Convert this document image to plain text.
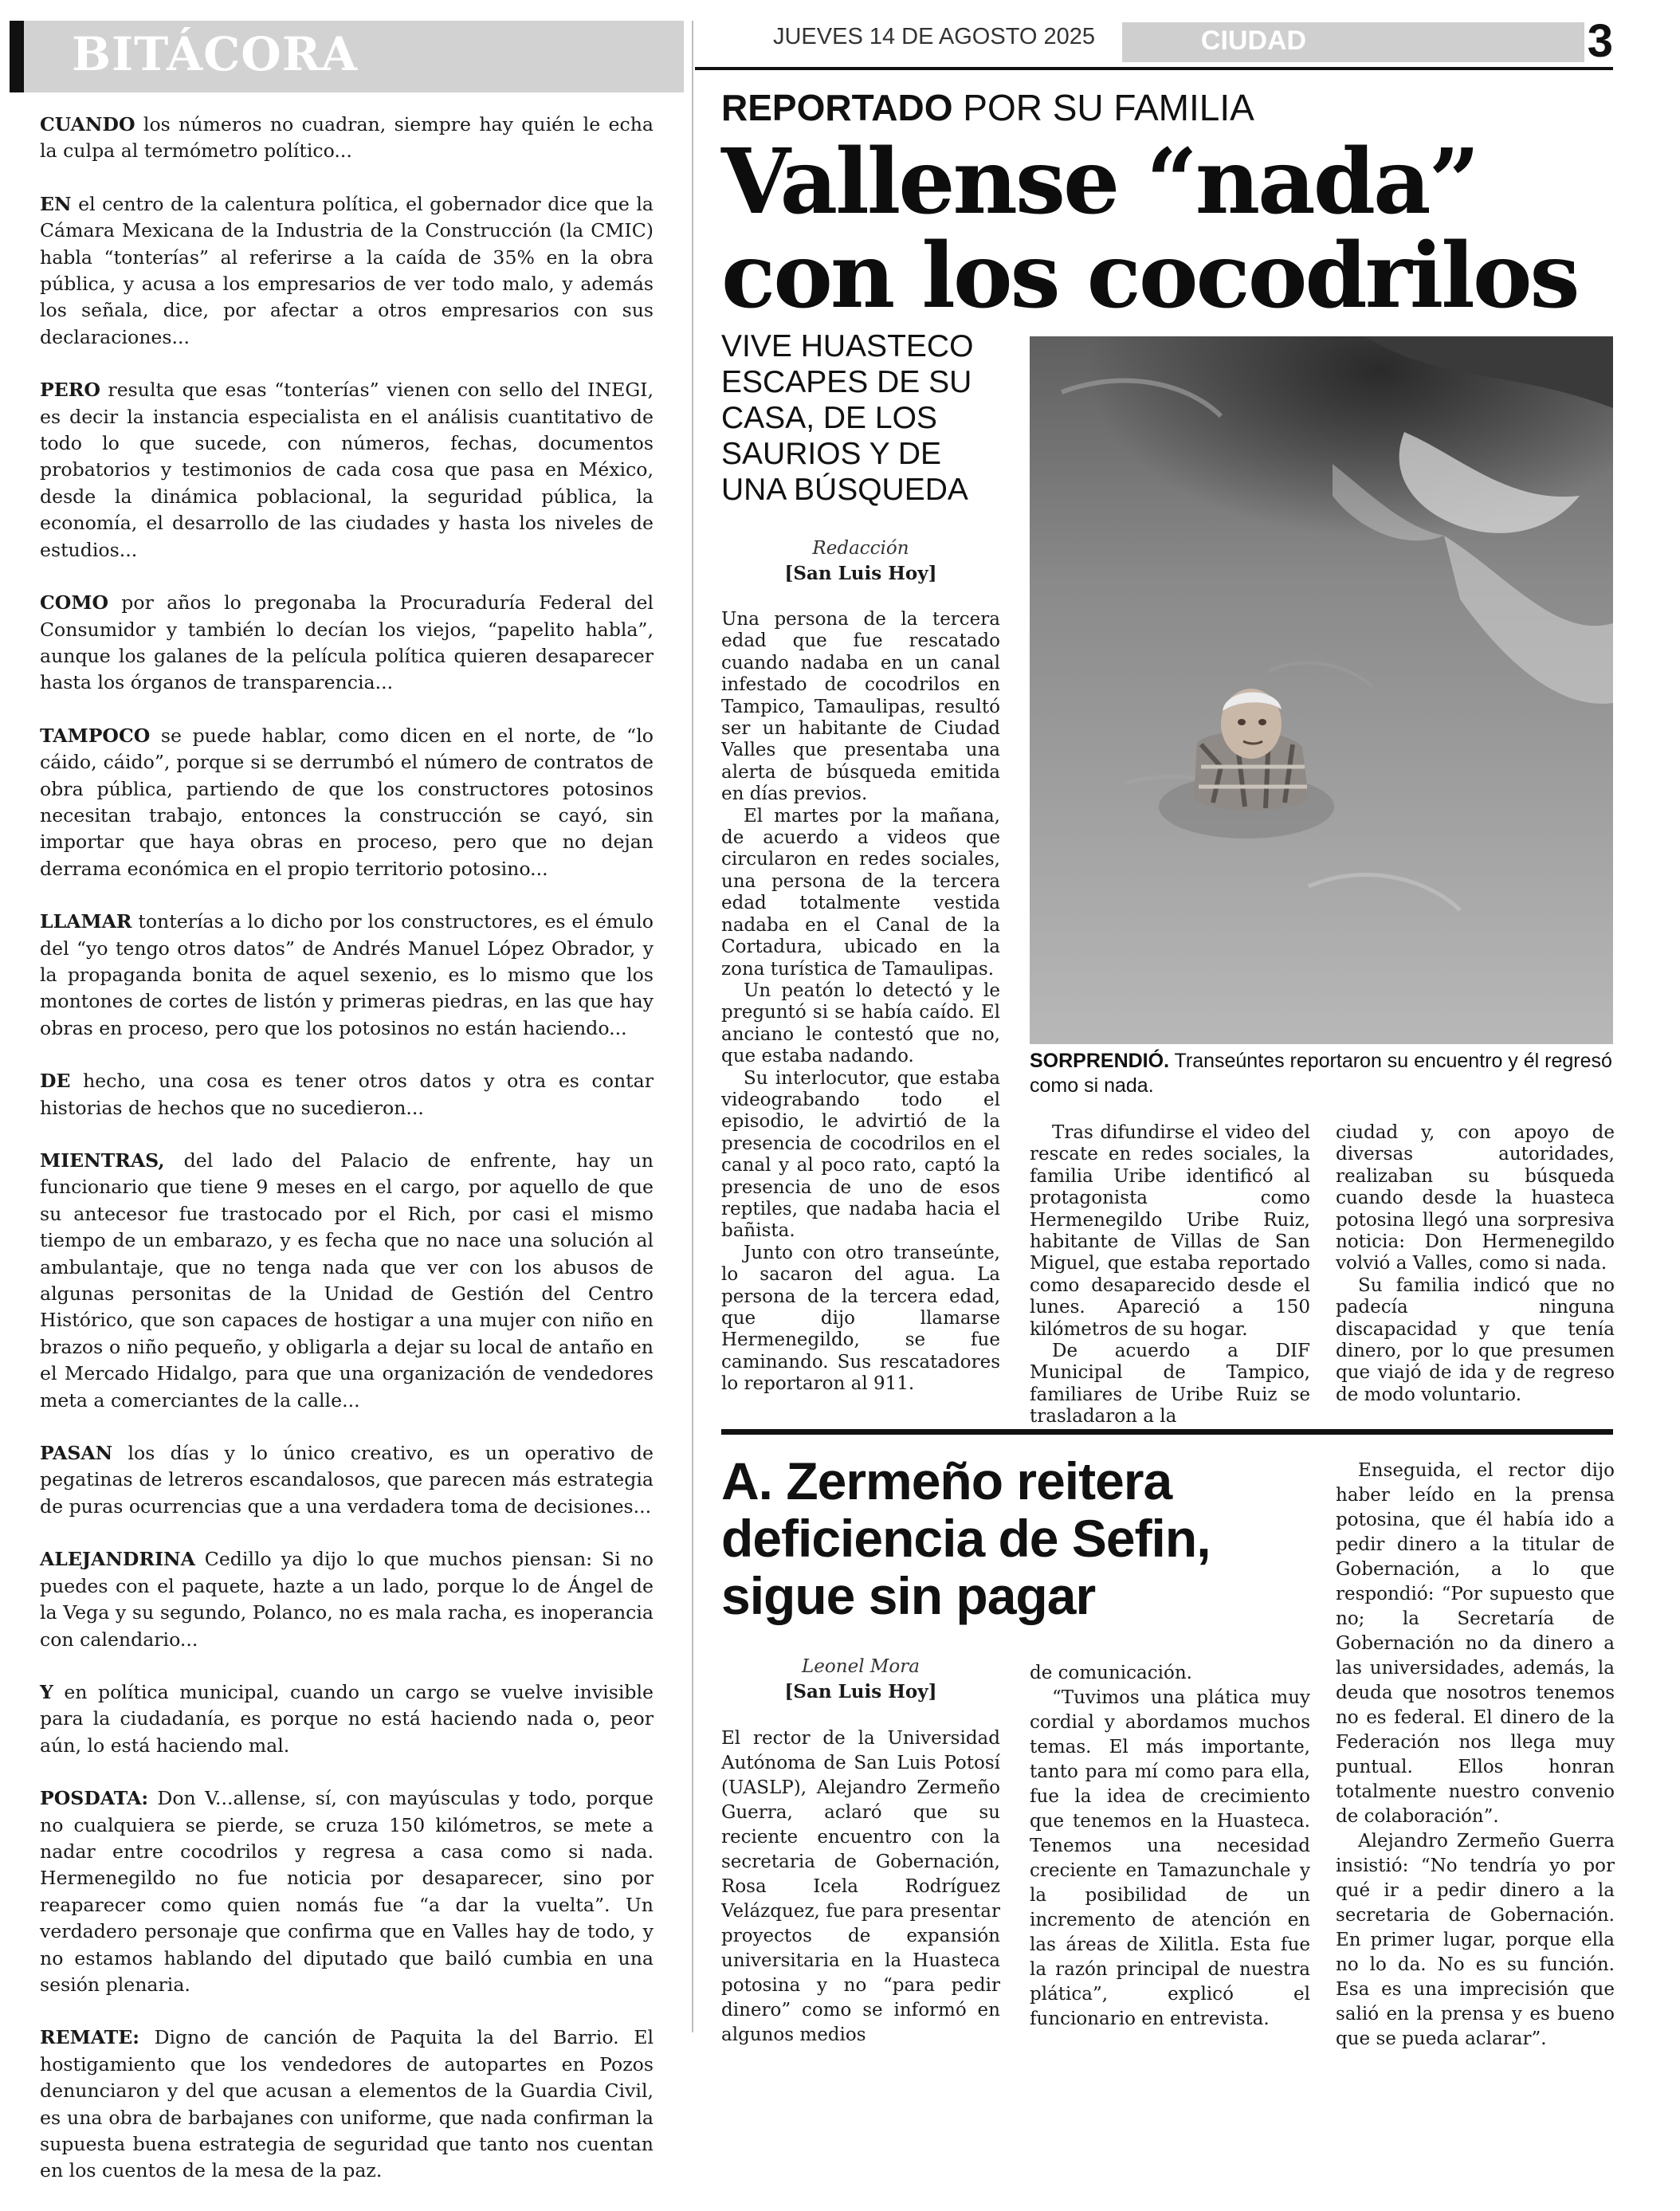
BITÁCORA

CUANDO los números no cuadran, siempre hay quién le echa la culpa al termómetro político...

EN el centro de la calentura política, el gobernador dice que la Cámara Mexicana de la Industria de la Construcción (la CMIC) habla “tonterías” al referirse a la caída de 35% en la obra pública, y acusa a los empresarios de ver todo malo, y además los señala, dice, por afectar a otros empresarios con sus declaraciones...

PERO resulta que esas “tonterías” vienen con sello del INEGI, es decir la instancia especialista en el análisis cuantitativo de todo lo que sucede, con números, fechas, documentos probatorios y testimonios de cada cosa que pasa en México, desde la dinámica poblacional, la seguridad pública, la economía, el desarrollo de las ciudades y hasta los niveles de estudios...

COMO por años lo pregonaba la Procuraduría Federal del Consumidor y también lo decían los viejos, “papelito habla”, aunque los galanes de la película política quieren desaparecer hasta los órganos de transparencia...

TAMPOCO se puede hablar, como dicen en el norte, de “lo cáido, cáido”, porque si se derrumbó el número de contratos de obra pública, partiendo de que los constructores potosinos necesitan trabajo, entonces la construcción se cayó, sin importar que haya obras en proceso, pero que no dejan derrama económica en el propio territorio potosino...

LLAMAR tonterías a lo dicho por los constructores, es el émulo del “yo tengo otros datos” de Andrés Manuel López Obrador, y la propaganda bonita de aquel sexenio, es lo mismo que los montones de cortes de listón y primeras piedras, en las que hay obras en proceso, pero que los potosinos no están haciendo...

DE hecho, una cosa es tener otros datos y otra es contar historias de hechos que no sucedieron...

MIENTRAS, del lado del Palacio de enfrente, hay un funcionario que tiene 9 meses en el cargo, por aquello de que su antecesor fue trastocado por el Rich, por casi el mismo tiempo de un embarazo, y es fecha que no nace una solución al ambulantaje, que no tenga nada que ver con los abusos de algunas personitas de la Unidad de Gestión del Centro Histórico, que son capaces de hostigar a una mujer con niño en brazos o niño pequeño, y obligarla a dejar su local de antaño en el Mercado Hidalgo, para que una organización de vendedores meta a comerciantes de la calle...

PASAN los días y lo único creativo, es un operativo de pegatinas de letreros escandalosos, que parecen más estrategia de puras ocurrencias que a una verdadera toma de decisiones...

ALEJANDRINA Cedillo ya dijo lo que muchos piensan: Si no puedes con el paquete, hazte a un lado, porque lo de Ángel de la Vega y su segundo, Polanco, no es mala racha, es inoperancia con calendario...

Y en política municipal, cuando un cargo se vuelve invisible para la ciudadanía, es porque no está haciendo nada o, peor aún, lo está haciendo mal.

POSDATA: Don V...allense, sí, con mayúsculas y todo, porque no cualquiera se pierde, se cruza 150 kilómetros, se mete a nadar entre cocodrilos y regresa a casa como si nada. Hermenegildo no fue noticia por desaparecer, sino por reaparecer como quien nomás fue “a dar la vuelta”. Un verdadero personaje que confirma que en Valles hay de todo, y no estamos hablando del diputado que bailó cumbia en una sesión plenaria.

REMATE: Digno de canción de Paquita la del Barrio. El hostigamiento que los vendedores de autopartes en Pozos denunciaron y del que acusan a elementos de la Guardia Civil, es una obra de barbajanes con uniforme, que nada confirman la supuesta buena estrategia de seguridad que tanto nos cuentan en los cuentos de la mesa de la paz.

JUEVES 14 DE AGOSTO 2025	CIUDAD	3
REPORTADO POR SU FAMILIA
Vallense “nada”
con los cocodrilos
VIVE HUASTECO ESCAPES DE SU CASA, DE LOS SAURIOS Y DE UNA BÚSQUEDA
Redacción
[San Luis Hoy]

Una persona de la tercera edad que fue rescatado cuando nadaba en un canal infestado de cocodrilos en Tampico, Tamaulipas, resultó ser un habitante de Ciudad Valles que presentaba una alerta de búsqueda emitida en días previos.

El martes por la mañana, de acuerdo a videos que circularon en redes sociales, una persona de la tercera edad totalmente vestida nadaba en el Canal de la Cortadura, ubicado en la zona turística de Tamaulipas.

Un peatón lo detectó y le preguntó si se había caído. El anciano le contestó que no, que estaba nadando.

Su interlocutor, que estaba videograbando todo el episodio, le advirtió de la presencia de cocodrilos en el canal y al poco rato, captó la presencia de uno de esos reptiles, que nadaba hacia el bañista.

Junto con otro transeúnte, lo sacaron del agua. La persona de la tercera edad, que dijo llamarse Hermenegildo, se fue caminando. Sus rescatadores lo reportaron al 911.

SORPRENDIÓ. Transeúntes reportaron su encuentro y él regresó como si nada.

Tras difundirse el video del rescate en redes sociales, la familia Uribe identificó al protagonista como Hermenegildo Uribe Ruiz, habitante de Villas de San Miguel, que estaba reportado como desaparecido desde el lunes. Apareció a 150 kilómetros de su hogar.

De acuerdo a DIF Municipal de Tampico, familiares de Uribe Ruiz se trasladaron a la

ciudad y, con apoyo de diversas autoridades, realizaban su búsqueda cuando desde la huasteca potosina llegó una sorpresiva noticia: Don Hermenegildo volvió a Valles, como si nada.

Su familia indicó que no padecía ninguna discapacidad y que tenía dinero, por lo que presumen que viajó de ida y de regreso de modo voluntario.

A. Zermeño reitera deficiencia de Sefin, sigue sin pagar
Leonel Mora
[San Luis Hoy]

El rector de la Universidad Autónoma de San Luis Potosí (UASLP), Alejandro Zermeño Guerra, aclaró que su reciente encuentro con la secretaria de Gobernación, Rosa Icela Rodríguez Velázquez, fue para presentar proyectos de expansión universitaria en la Huasteca potosina y no “para pedir dinero” como se informó en algunos medios

de comunicación.

“Tuvimos una plática muy cordial y abordamos muchos temas. El más importante, tanto para mí como para ella, fue la idea de crecimiento que tenemos en la Huasteca. Tenemos una necesidad creciente en Tamazunchale y la posibilidad de un incremento de atención en las áreas de Xilitla. Esta fue la razón principal de nuestra plática”, explicó el funcionario en entrevista.

Enseguida, el rector dijo haber leído en la prensa potosina, que él había ido a pedir dinero a la titular de Gobernación, a lo que respondió: “Por supuesto que no; la Secretaría de Gobernación no da dinero a las universidades, además, la deuda que nosotros tenemos no es federal. El dinero de la Federación nos llega muy puntual. Ellos honran totalmente nuestro convenio de colaboración”.

Alejandro Zermeño Guerra insistió: “No tendría yo por qué ir a pedir dinero a la secretaria de Gobernación. En primer lugar, porque ella no lo da. No es su función. Esa es una imprecisión que salió en la prensa y es bueno que se pueda aclarar”.
